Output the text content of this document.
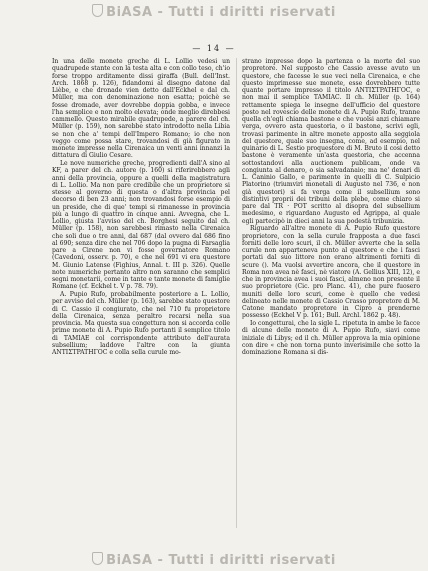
BiASA - Tutti i diritti riservati
— 14 —

In una delle monete greche di L. Lollio vedesi un quadrupede stante con la testa alta e con collo teso, ch'io forse troppo arditamente dissi giraffa (Bull. dell'Inst. Arch. 1868 p. 126), fidandomi al disegno datone dal Lièbe, e che dronade vien detto dall'Eckhel e dal ch. Müller, ma con denominazione non esatta; poichè se fosse dromade, aver dovrebbe doppia gobba, e invece l'ha semplice e non molto elevata; onde meglio direbbesi cammello. Questo mirabile quadrupede, a parere del ch. Müller (p. 159), non sarebbe stato introdotto nella Libia se non che a' tempi dell'Impero Romano; io che non veggo come possa stare, trovandosi di già figurato in monete impresse nella Cirenaica un venti anni innanzi la dittatura di Giulio Cesare.

Le nove numeriche greche, progredienti dall'A sino al KF, a parer del ch. autore (p. 160) si riferirebbero agli anni della provincia, oppure a quelli della magistratura di L. Lollio. Ma non pare credibile che un proprietore si stesse al governo di questa o d'altra provincia pel decorso di ben 23 anni; non trovandosi forse esempio di un preside, che di que' tempi si rimanesse in provincia più a lungo di quattro in cinque anni. Avvegna, che L. Lollio, giusta l'avviso del ch. Borghesi seguito dal ch. Müller (p. 158), non sarebbesi rimasto nella Cirenaica che soli due o tre anni, dal 687 (dal ovvero dal 686 fino al 690; senza dire che nel 706 dopo la pugna di Farsaglia pare a Cirene non vi fosse governatore Romano (Cavedoni, osserv. p. 70), e che nel 691 vi era questore M. Giunio Latense (Fighius, Annal. t. III p. 326). Quelle note numeriche pertanto altro non saranno che semplici segni monetarii, come in tante e tante monete di famiglie Romane (cf. Eckhel t. V p. 78. 79).

A. Pupio Rufo, probabilmente posteriore a L. Lollio, per avviso del ch. Müller (p. 163), sarebbe stato questore di C. Cassio il congiurato, che nel 710 fu proprietore della Cirenaica, senza peraltro recarsi nella sua provincia. Ma questa sua congettura non si accorda colle prime monete di A. Pupio Rufo portanti il semplice titolo di TAMIAE col corrispondente attributo dell'aurata subsellium; laddove l'altre con la giunta ANTIΣTPATHΓOC e colla sella curule mo-

strano impresse dopo la partenza o la morte del suo propretore. Nel supposto che Cassio avesse avuto un questore, che facesse le sue veci nella Cirenaica, e che questo imprimesse sue monete, esse dovrebbero tutte quante portare impresso il titolo ANTIΣTPATHΓOC, e non mai il semplice TAMIAC. Il ch. Müller (p. 164) rettamente spiega le insegne dell'ufficio del questore posto nel rovescio delle monete di A. Pupio Rufo, tranne quella ch'egli chiama bastone e che vuolsi anzi chiamare verga, ovvero asta questoria, o il bastone, scrivi egli, trovasi parimente in altre monete apposto alla seggiola del questore, quale suo insegna, come, ad esempio, nel quinario di L. Sestio proquestore di M. Bruto il cosi detto bastone è veramente un'asta questoria, che accenna sottostandovi alla auctionem publicam, onde va congiunta al denaro, o sia salvadanaio; ma ne' denari di L. Caninio Gallo, e parimente in quelli di C. Sulpicio Platorino (triumviri monetali di Augusto nel 736, e non già questori) si fa verga come il subsellium sono distintivi proprii dei tribuni della plebe, come chiaro si pare dal TR · POT scritto al disopra del subsellium medesimo, e riguardano Augusto ed Agrippa, al quale egli partecipò in dieci anni la sua podestà tribunizia.

Riguardo all'altre monete di A. Pupio Rufo questore proprietore, con la sella curule frapposta a due fasci forniti delle loro scuri, il ch. Müller avverte che la sella curule non apparteneva punto al questore e che i fasci portati dal suo littore non erano altrimenti forniti di scure (). Ma vuolsi avvertire ancora, che il questore in Roma non avea nè fasci, nè viatore (A. Gellius XIII, 12), e che in provincia avea i suoi fasci, almeno non presente il suo proprietore (Cic. pro Planc. 41), che pure fuosero muniti delle loro scuri, come è quello che vedesi delineato nelle monete di Cassio Crasso propretore di M. Catone mandato propretore in Cipro a prenderne possesso (Eckhel V p. 161; Bull. Archl. 1862 p. 48).

Io congetturai, che la sigle L. ripetuta in ambe le facce di alcune delle monete di A. Pupio Rufo, siavi come iniziale di Libys; ed il ch. Müller approva la mia opinione con dire « che non torna punto inverisimile che sotto la dominazione Romana si dis-

BiASA - Tutti i diritti riservati
